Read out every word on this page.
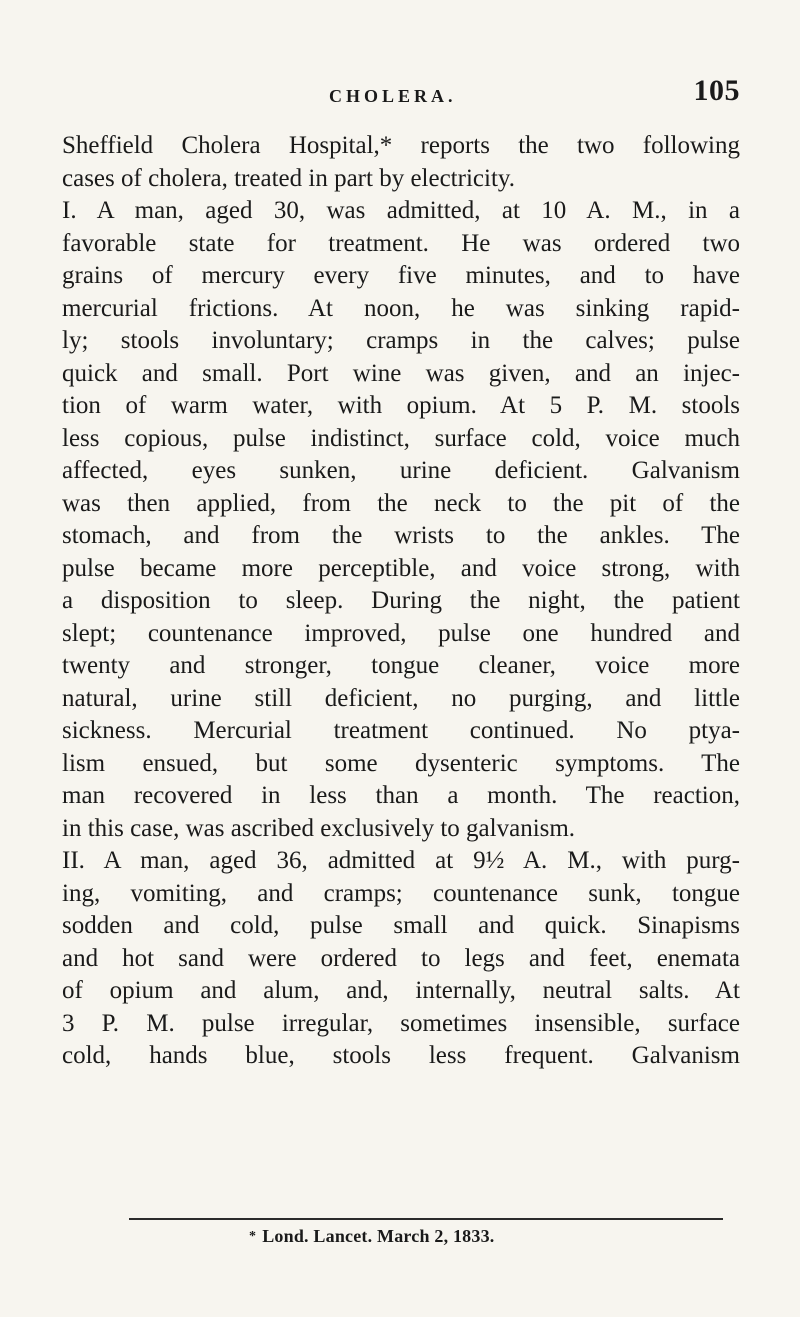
CHOLERA.	105
Sheffield Cholera Hospital,* reports the two following
cases of cholera, treated in part by electricity.
I. A man, aged 30, was admitted, at 10 A. M., in a
favorable state for treatment. He was ordered two
grains of mercury every five minutes, and to have
mercurial frictions. At noon, he was sinking rapid-
ly; stools involuntary; cramps in the calves; pulse
quick and small. Port wine was given, and an injec-
tion of warm water, with opium. At 5 P. M. stools
less copious, pulse indistinct, surface cold, voice much
affected, eyes sunken, urine deficient. Galvanism
was then applied, from the neck to the pit of the
stomach, and from the wrists to the ankles. The
pulse became more perceptible, and voice strong, with
a disposition to sleep. During the night, the patient
slept; countenance improved, pulse one hundred and
twenty and stronger, tongue cleaner, voice more
natural, urine still deficient, no purging, and little
sickness. Mercurial treatment continued. No ptya-
lism ensued, but some dysenteric symptoms. The
man recovered in less than a month. The reaction,
in this case, was ascribed exclusively to galvanism.
II. A man, aged 36, admitted at 9½ A. M., with purg-
ing, vomiting, and cramps; countenance sunk, tongue
sodden and cold, pulse small and quick. Sinapisms
and hot sand were ordered to legs and feet, enemata
of opium and alum, and, internally, neutral salts. At
3 P. M. pulse irregular, sometimes insensible, surface
cold, hands blue, stools less frequent. Galvanism
* Lond. Lancet. March 2, 1833.
